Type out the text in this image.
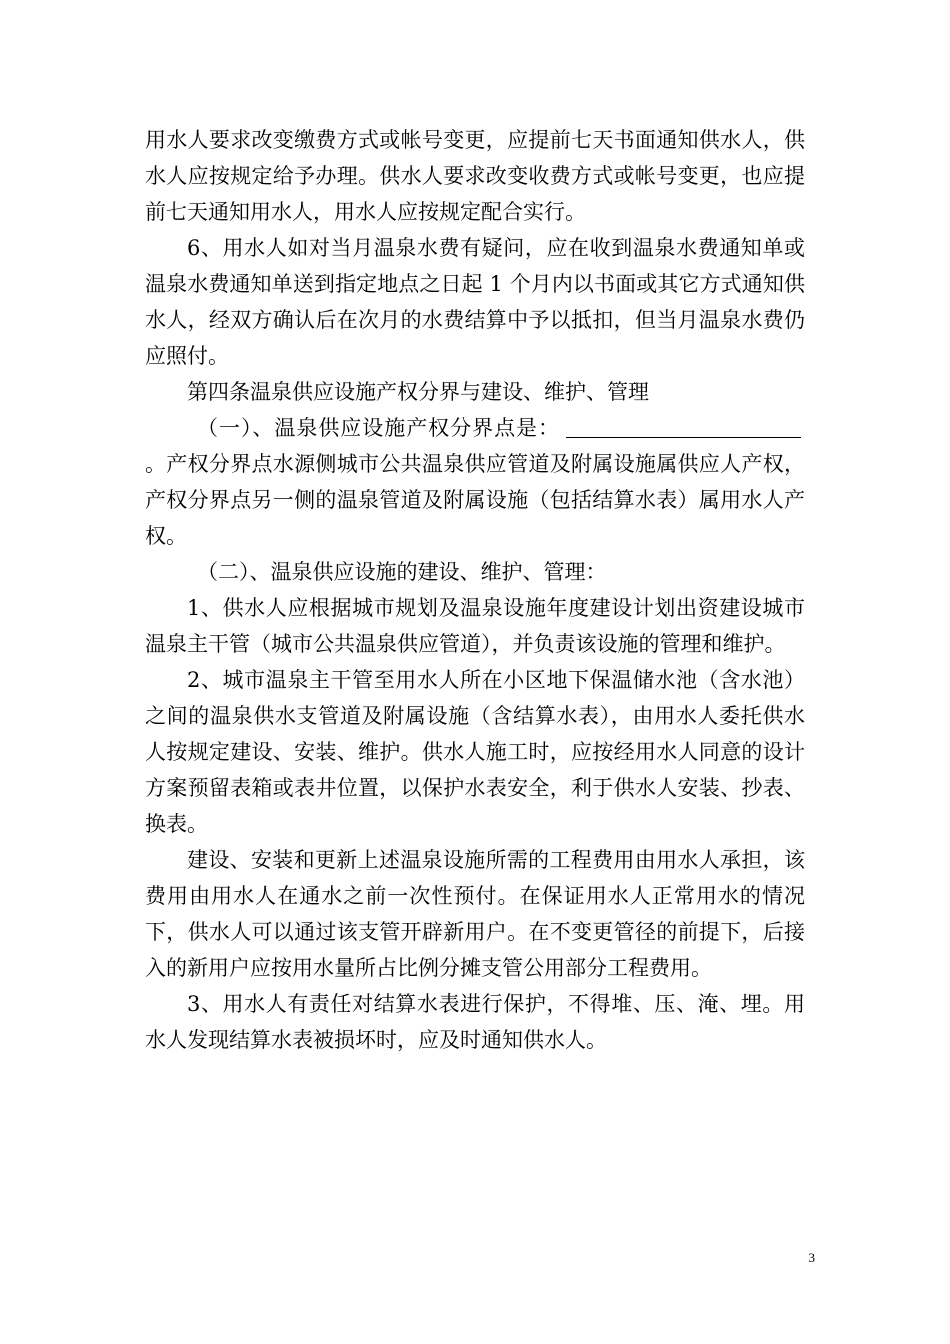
用水人要求改变缴费方式或帐号变更，应提前七天书面通知供水人，供水人应按规定给予办理。供水人要求改变收费方式或帐号变更，也应提前七天通知用水人，用水人应按规定配合实行。

6、用水人如对当月温泉水费有疑问，应在收到温泉水费通知单或温泉水费通知单送到指定地点之日起 1 个月内以书面或其它方式通知供水人，经双方确认后在次月的水费结算中予以抵扣，但当月温泉水费仍应照付。

第四条温泉供应设施产权分界与建设、维护、管理

（一）、温泉供应设施产权分界点是：。产权分界点水源侧城市公共温泉供应管道及附属设施属供应人产权，产权分界点另一侧的温泉管道及附属设施（包括结算水表）属用水人产权。

（二）、温泉供应设施的建设、维护、管理：

1、供水人应根据城市规划及温泉设施年度建设计划出资建设城市温泉主干管（城市公共温泉供应管道），并负责该设施的管理和维护。

2、城市温泉主干管至用水人所在小区地下保温储水池（含水池）之间的温泉供水支管道及附属设施（含结算水表），由用水人委托供水人按规定建设、安装、维护。供水人施工时，应按经用水人同意的设计方案预留表箱或表井位置，以保护水表安全，利于供水人安装、抄表、换表。

建设、安装和更新上述温泉设施所需的工程费用由用水人承担，该费用由用水人在通水之前一次性预付。在保证用水人正常用水的情况下，供水人可以通过该支管开辟新用户。在不变更管径的前提下，后接入的新用户应按用水量所占比例分摊支管公用部分工程费用。

3、用水人有责任对结算水表进行保护，不得堆、压、淹、埋。用水人发现结算水表被损坏时，应及时通知供水人。

3
